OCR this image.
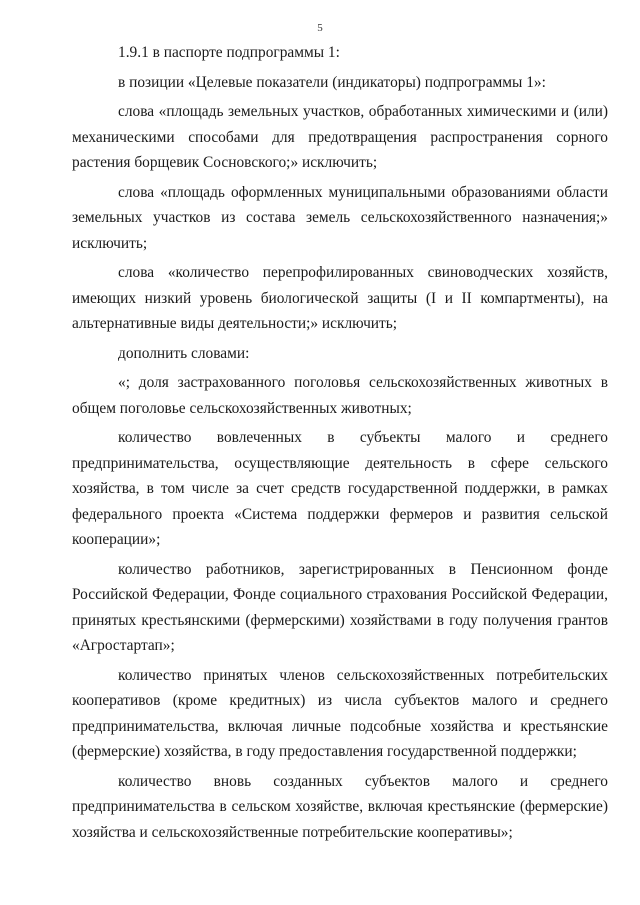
5

1.9.1 в паспорте подпрограммы 1:

в позиции «Целевые показатели (индикаторы) подпрограммы 1»:

слова «площадь земельных участков, обработанных химическими и (или) механическими способами для предотвращения распространения сорного растения борщевик Сосновского;» исключить;

слова «площадь оформленных муниципальными образованиями области земельных участков из состава земель сельскохозяйственного назначения;» исключить;

слова «количество перепрофилированных свиноводческих хозяйств, имеющих низкий уровень биологической защиты (I и II компартменты), на альтернативные виды деятельности;» исключить;

дополнить словами:

«; доля застрахованного поголовья сельскохозяйственных животных в общем поголовье сельскохозяйственных животных;

количество вовлеченных в субъекты малого и среднего предпринимательства, осуществляющие деятельность в сфере сельского хозяйства, в том числе за счет средств государственной поддержки, в рамках федерального проекта «Система поддержки фермеров и развития сельской кооперации»;

количество работников, зарегистрированных в Пенсионном фонде Российской Федерации, Фонде социального страхования Российской Федерации, принятых крестьянскими (фермерскими) хозяйствами в году получения грантов «Агростартап»;

количество принятых членов сельскохозяйственных потребительских кооперативов (кроме кредитных) из числа субъектов малого и среднего предпринимательства, включая личные подсобные хозяйства и крестьянские (фермерские) хозяйства, в году предоставления государственной поддержки;

количество вновь созданных субъектов малого и среднего предпринимательства в сельском хозяйстве, включая крестьянские (фермерские) хозяйства и сельскохозяйственные потребительские кооперативы»;
